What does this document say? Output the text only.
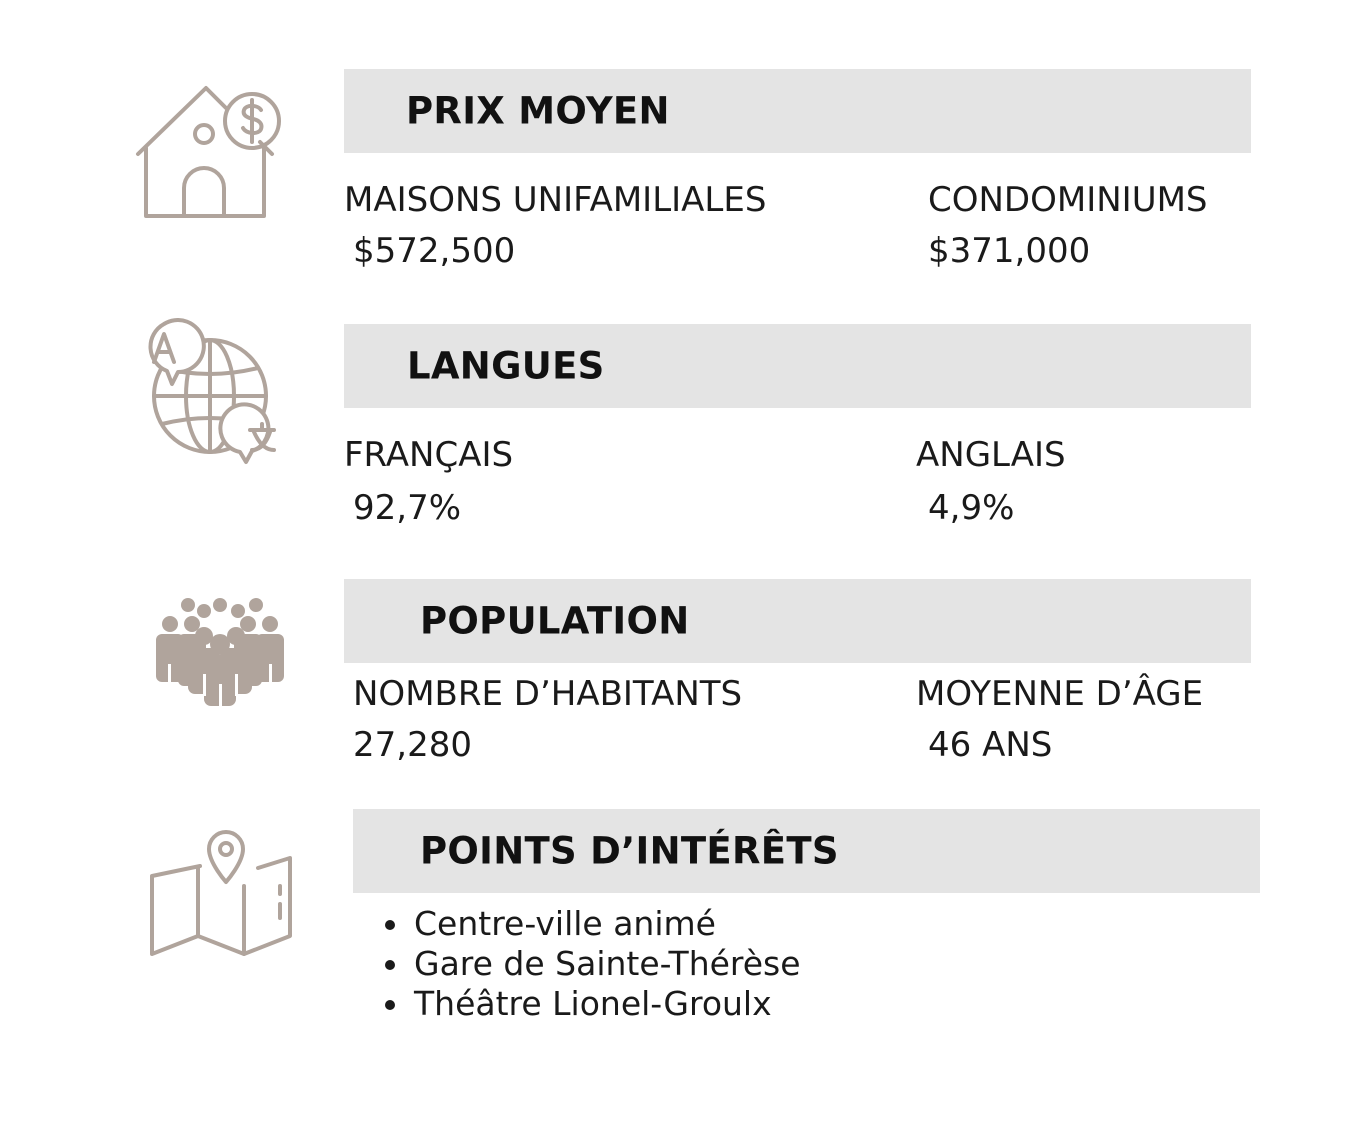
PRIX MOYEN
MAISONS UNIFAMILIALES
$572,500
CONDOMINIUMS
$371,000
LANGUES
FRANÇAIS
92,7%
ANGLAIS
4,9%
POPULATION
NOMBRE D’HABITANTS
27,280
MOYENNE D’ÂGE
46 ANS
POINTS D’INTÉRÊTS
Centre-ville animé
Gare de Sainte-Thérèse
Théâtre Lionel-Groulx
